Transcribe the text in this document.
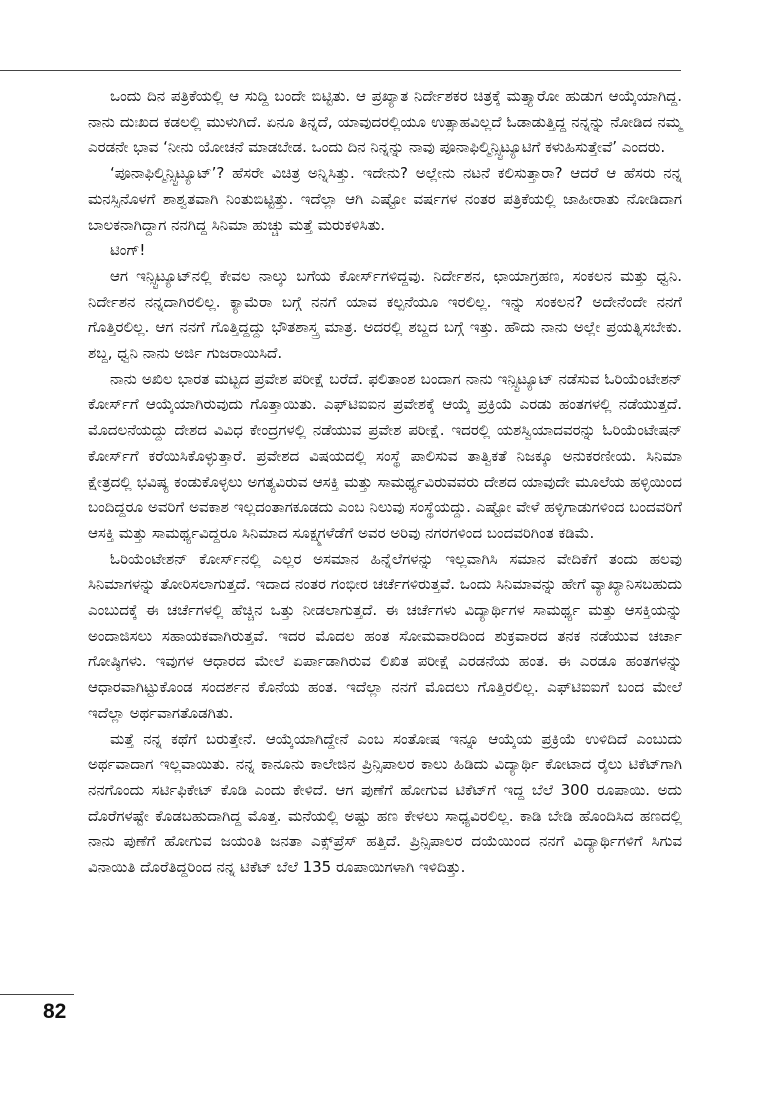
ಒಂದು ದಿನ ಪತ್ರಿಕೆಯಲ್ಲಿ ಆ ಸುದ್ದಿ ಬಂದೇ ಬಿಟ್ಟಿತು. ಆ ಪ್ರಖ್ಯಾತ ನಿರ್ದೇಶಕರ ಚಿತ್ರಕ್ಕೆ ಮತ್ತ್ಯಾರೋ ಹುಡುಗ ಆಯ್ಕೆಯಾಗಿದ್ದ. ನಾನು ದುಃಖದ ಕಡಲಲ್ಲಿ ಮುಳುಗಿದೆ. ಏನೂ ತಿನ್ನದೆ, ಯಾವುದರಲ್ಲಿಯೂ ಉತ್ಸಾಹವಿಲ್ಲದೆ ಓಡಾಡುತ್ತಿದ್ದ ನನ್ನನ್ನು ನೋಡಿದ ನಮ್ಮ ಎರಡನೇ ಭಾವ ‘ನೀನು ಯೋಚನೆ ಮಾಡಬೇಡ. ಒಂದು ದಿನ ನಿನ್ನನ್ನು ನಾವು ಪೂನಾಫಿಲ್ಮಿನ್ಸ್ಟಿಟ್ಯೂಟಿಗೆ ಕಳುಹಿಸುತ್ತೇವೆ’ ಎಂದರು.

‘ಪೂನಾಫಿಲ್ಮಿನ್ಸ್ಟಿಟ್ಯೂಟ್’? ಹೆಸರೇ ವಿಚಿತ್ರ ಅನ್ನಿಸಿತ್ತು. ಇದೇನು? ಅಲ್ಲೇನು ನಟನೆ ಕಲಿಸುತ್ತಾರಾ? ಆದರೆ ಆ ಹೆಸರು ನನ್ನ ಮನಸ್ಸಿನೊಳಗೆ ಶಾಶ್ವತವಾಗಿ ನಿಂತುಬಿಟ್ಟಿತ್ತು. ಇದೆಲ್ಲಾ ಆಗಿ ಎಷ್ಟೋ ವರ್ಷಗಳ ನಂತರ ಪತ್ರಿಕೆಯಲ್ಲಿ ಜಾಹೀರಾತು ನೋಡಿದಾಗ ಬಾಲಕನಾಗಿದ್ದಾಗ ನನಗಿದ್ದ ಸಿನಿಮಾ ಹುಚ್ಚು ಮತ್ತೆ ಮರುಕಳಿಸಿತು.

ಟಿಂಗ್!

ಆಗ ಇನ್ಸ್ಟಿಟ್ಯೂಟ್‌ನಲ್ಲಿ ಕೇವಲ ನಾಲ್ಕು ಬಗೆಯ ಕೋರ್ಸ್‌ಗಳಿದ್ದವು. ನಿರ್ದೇಶನ, ಛಾಯಾಗ್ರಹಣ, ಸಂಕಲನ ಮತ್ತು ಧ್ವನಿ. ನಿರ್ದೇಶನ ನನ್ನದಾಗಿರಲಿಲ್ಲ. ಕ್ಯಾಮೆರಾ ಬಗ್ಗೆ ನನಗೆ ಯಾವ ಕಲ್ಪನೆಯೂ ಇರಲಿಲ್ಲ. ಇನ್ನು ಸಂಕಲನ? ಅದೇನೆಂದೇ ನನಗೆ ಗೊತ್ತಿರಲಿಲ್ಲ. ಆಗ ನನಗೆ ಗೊತ್ತಿದ್ದದ್ದು ಭೌತಶಾಸ್ತ್ರ ಮಾತ್ರ. ಅದರಲ್ಲಿ ಶಬ್ದದ ಬಗ್ಗೆ ಇತ್ತು. ಹೌದು ನಾನು ಅಲ್ಲೇ ಪ್ರಯತ್ನಿಸಬೇಕು. ಶಬ್ದ, ಧ್ವನಿ ನಾನು ಅರ್ಜಿ ಗುಜರಾಯಿಸಿದೆ.

ನಾನು ಅಖಿಲ ಭಾರತ ಮಟ್ಟದ ಪ್ರವೇಶ ಪರೀಕ್ಷೆ ಬರೆದೆ. ಫಲಿತಾಂಶ ಬಂದಾಗ ನಾನು ಇನ್ಸ್ಟಿಟ್ಯೂಟ್ ನಡೆಸುವ ಓರಿಯೆಂಟೇಶನ್ ಕೋರ್ಸ್‌ಗೆ ಆಯ್ಕೆಯಾಗಿರುವುದು ಗೊತ್ತಾಯಿತು. ಎಫ್‌ಟಿಐಐನ ಪ್ರವೇಶಕ್ಕೆ ಆಯ್ಕೆ ಪ್ರಕ್ರಿಯೆ ಎರಡು ಹಂತಗಳಲ್ಲಿ ನಡೆಯುತ್ತದೆ. ಮೊದಲನೆಯದ್ದು ದೇಶದ ವಿವಿಧ ಕೇಂದ್ರಗಳಲ್ಲಿ ನಡೆಯುವ ಪ್ರವೇಶ ಪರೀಕ್ಷೆ. ಇದರಲ್ಲಿ ಯಶಸ್ವಿಯಾದವರನ್ನು ಓರಿಯೆಂಟೇಷನ್ ಕೋರ್ಸ್‌ಗೆ ಕರೆಯಿಸಿಕೊಳ್ಳುತ್ತಾರೆ. ಪ್ರವೇಶದ ವಿಷಯದಲ್ಲಿ ಸಂಸ್ಥೆ ಪಾಲಿಸುವ ತಾತ್ವಿಕತೆ ನಿಜಕ್ಕೂ ಅನುಕರಣೀಯ. ಸಿನಿಮಾ ಕ್ಷೇತ್ರದಲ್ಲಿ ಭವಿಷ್ಯ ಕಂಡುಕೊಳ್ಳಲು ಅಗತ್ಯವಿರುವ ಆಸಕ್ತಿ ಮತ್ತು ಸಾಮರ್ಥ್ಯವಿರುವವರು ದೇಶದ ಯಾವುದೇ ಮೂಲೆಯ ಹಳ್ಳಿಯಿಂದ ಬಂದಿದ್ದರೂ ಅವರಿಗೆ ಅವಕಾಶ ಇಲ್ಲದಂತಾಗಕೂಡದು ಎಂಬ ನಿಲುವು ಸಂಸ್ಥೆಯದ್ದು. ಎಷ್ಟೋ ವೇಳೆ ಹಳ್ಳಿಗಾಡುಗಳಿಂದ ಬಂದವರಿಗೆ ಆಸಕ್ತಿ ಮತ್ತು ಸಾಮರ್ಥ್ಯವಿದ್ದರೂ ಸಿನಿಮಾದ ಸೂಕ್ಷ್ಮಗಳೆಡೆಗೆ ಅವರ ಅರಿವು ನಗರಗಳಿಂದ ಬಂದವರಿಗಿಂತ ಕಡಿಮೆ.

ಓರಿಯೆಂಟೇಶನ್ ಕೋರ್ಸ್‌ನಲ್ಲಿ ಎಲ್ಲರ ಅಸಮಾನ ಹಿನ್ನೆಲೆಗಳನ್ನು ಇಲ್ಲವಾಗಿಸಿ ಸಮಾನ ವೇದಿಕೆಗೆ ತಂದು ಹಲವು ಸಿನಿಮಾಗಳನ್ನು ತೋರಿಸಲಾಗುತ್ತದೆ. ಇದಾದ ನಂತರ ಗಂಭೀರ ಚರ್ಚೆಗಳಿರುತ್ತವೆ. ಒಂದು ಸಿನಿಮಾವನ್ನು ಹೇಗೆ ವ್ಯಾಖ್ಯಾನಿಸಬಹುದು ಎಂಬುದಕ್ಕೆ ಈ ಚರ್ಚೆಗಳಲ್ಲಿ ಹೆಚ್ಚಿನ ಒತ್ತು ನೀಡಲಾಗುತ್ತದೆ. ಈ ಚರ್ಚೆಗಳು ವಿದ್ಯಾರ್ಥಿಗಳ ಸಾಮರ್ಥ್ಯ ಮತ್ತು ಆಸಕ್ತಿಯನ್ನು ಅಂದಾಜಿಸಲು ಸಹಾಯಕವಾಗಿರುತ್ತವೆ. ಇದರ ಮೊದಲ ಹಂತ ಸೋಮವಾರದಿಂದ ಶುಕ್ರವಾರದ ತನಕ ನಡೆಯುವ ಚರ್ಚಾ ಗೋಷ್ಠಿಗಳು. ಇವುಗಳ ಆಧಾರದ ಮೇಲೆ ಏರ್ಪಾಡಾಗಿರುವ ಲಿಖಿತ ಪರೀಕ್ಷೆ ಎರಡನೆಯ ಹಂತ. ಈ ಎರಡೂ ಹಂತಗಳನ್ನು ಆಧಾರವಾಗಿಟ್ಟುಕೊಂಡ ಸಂದರ್ಶನ ಕೊನೆಯ ಹಂತ. ಇದೆಲ್ಲಾ ನನಗೆ ಮೊದಲು ಗೊತ್ತಿರಲಿಲ್ಲ. ಎಫ್‌ಟಿಐಐಗೆ ಬಂದ ಮೇಲೆ ಇದೆಲ್ಲಾ ಅರ್ಥವಾಗತೊಡಗಿತು.

ಮತ್ತೆ ನನ್ನ ಕಥೆಗೆ ಬರುತ್ತೇನೆ. ಆಯ್ಕೆಯಾಗಿದ್ದೇನೆ ಎಂಬ ಸಂತೋಷ ಇನ್ನೂ ಆಯ್ಕೆಯ ಪ್ರಕ್ರಿಯೆ ಉಳಿದಿದೆ ಎಂಬುದು ಅರ್ಥವಾದಾಗ ಇಲ್ಲವಾಯಿತು. ನನ್ನ ಕಾನೂನು ಕಾಲೇಜಿನ ಪ್ರಿನ್ಸಿಪಾಲರ ಕಾಲು ಹಿಡಿದು ವಿದ್ಯಾರ್ಥಿ ಕೋಟಾದ ರೈಲು ಟಿಕೆಟ್‌ಗಾಗಿ ನನಗೊಂದು ಸರ್ಟಿಫಿಕೇಟ್ ಕೊಡಿ ಎಂದು ಕೇಳಿದೆ. ಆಗ ಪುಣೆಗೆ ಹೋಗುವ ಟಿಕೆಟ್‌ಗೆ ಇದ್ದ ಬೆಲೆ 300 ರೂಪಾಯಿ. ಅದು ದೊರೆಗಳಷ್ಟೇ ಕೊಡಬಹುದಾಗಿದ್ದ ಮೊತ್ತ. ಮನೆಯಲ್ಲಿ ಅಷ್ಟು ಹಣ ಕೇಳಲು ಸಾಧ್ಯವಿರಲಿಲ್ಲ. ಕಾಡಿ ಬೇಡಿ ಹೊಂದಿಸಿದ ಹಣದಲ್ಲಿ ನಾನು ಪುಣೆಗೆ ಹೋಗುವ ಜಯಂತಿ ಜನತಾ ಎಕ್ಸ್‌ಪ್ರೆಸ್ ಹತ್ತಿದೆ. ಪ್ರಿನ್ಸಿಪಾಲರ ದಯೆಯಿಂದ ನನಗೆ ವಿದ್ಯಾರ್ಥಿಗಳಿಗೆ ಸಿಗುವ ವಿನಾಯಿತಿ ದೊರೆತಿದ್ದರಿಂದ ನನ್ನ ಟಿಕೆಟ್ ಬೆಲೆ 135 ರೂಪಾಯಿಗಳಾಗಿ ಇಳಿದಿತ್ತು.

82
